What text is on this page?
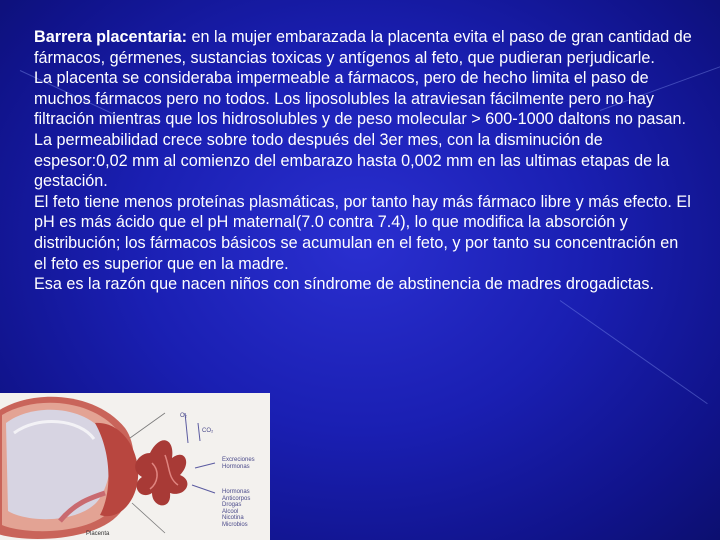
Barrera placentaria: en la mujer embarazada la placenta evita el paso de gran cantidad de fármacos, gérmenes, sustancias toxicas y antígenos al feto, que pudieran perjudicarle.

La placenta se consideraba impermeable a fármacos, pero de hecho limita el paso de muchos fármacos pero no todos. Los liposolubles la atraviesan fácilmente pero no hay filtración mientras que los hidrosolubles y de peso molecular > 600-1000 daltons no pasan.

La permeabilidad crece sobre todo después del 3er mes, con la disminución de espesor:0,02 mm al comienzo del embarazo hasta 0,002 mm en las ultimas etapas de la gestación.

El feto tiene menos proteínas plasmáticas, por tanto hay más fármaco libre y más efecto. El pH es más ácido que el pH maternal(7.0 contra 7.4), lo que modifica la absorción y distribución; los fármacos básicos se acumulan en el feto, y por tanto su concentración en el feto es superior que en la madre.

Esa es la razón que nacen niños con síndrome de abstinencia de madres drogadictas.

O₂
CO₂
Excreciones
Hormonas
Hormonas
Anticorpos
Drogas
Alcool
Nicotina
Microbios
Placenta
